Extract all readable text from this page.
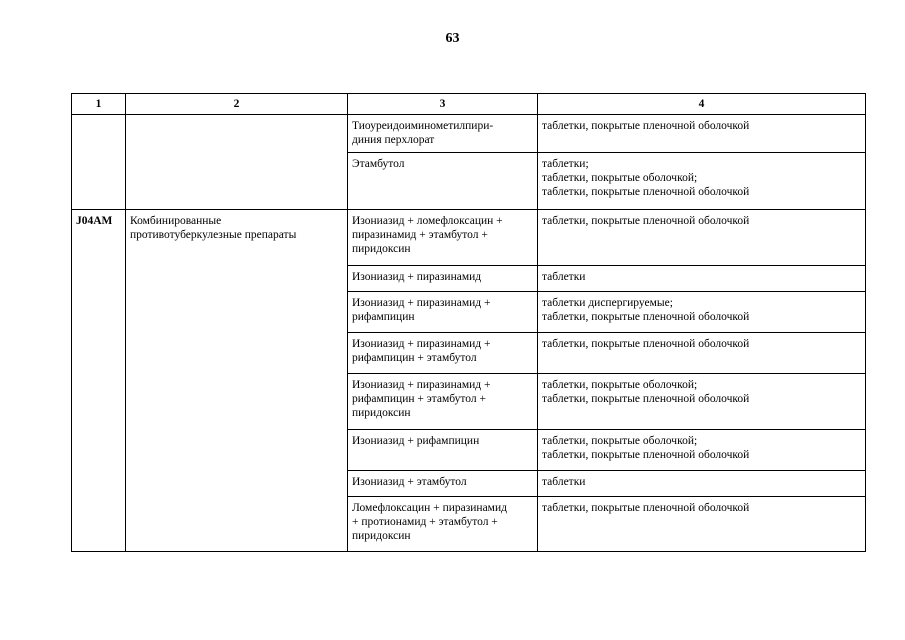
63
1	2	3	4

		Тиоуреидоиминометилпири-
диния перхлорат	таблетки, покрытые пленочной оболочкой

		Этамбутол	таблетки;
таблетки, покрытые оболочкой;
таблетки, покрытые пленочной оболочкой

J04AM	Комбинированные
противотуберкулезные препараты	Изониазид + ломефлоксацин +
пиразинамид + этамбутол +
пиридоксин	таблетки, покрытые пленочной оболочкой

		Изониазид + пиразинамид	таблетки

		Изониазид + пиразинамид +
рифампицин	таблетки диспергируемые;
таблетки, покрытые пленочной оболочкой

		Изониазид + пиразинамид +
рифампицин + этамбутол	таблетки, покрытые пленочной оболочкой

		Изониазид + пиразинамид +
рифампицин + этамбутол +
пиридоксин	таблетки, покрытые оболочкой;
таблетки, покрытые пленочной оболочкой

		Изониазид + рифампицин	таблетки, покрытые оболочкой;
таблетки, покрытые пленочной оболочкой

		Изониазид + этамбутол	таблетки

		Ломефлоксацин + пиразинамид
+ протионамид + этамбутол +
пиридоксин	таблетки, покрытые пленочной оболочкой
